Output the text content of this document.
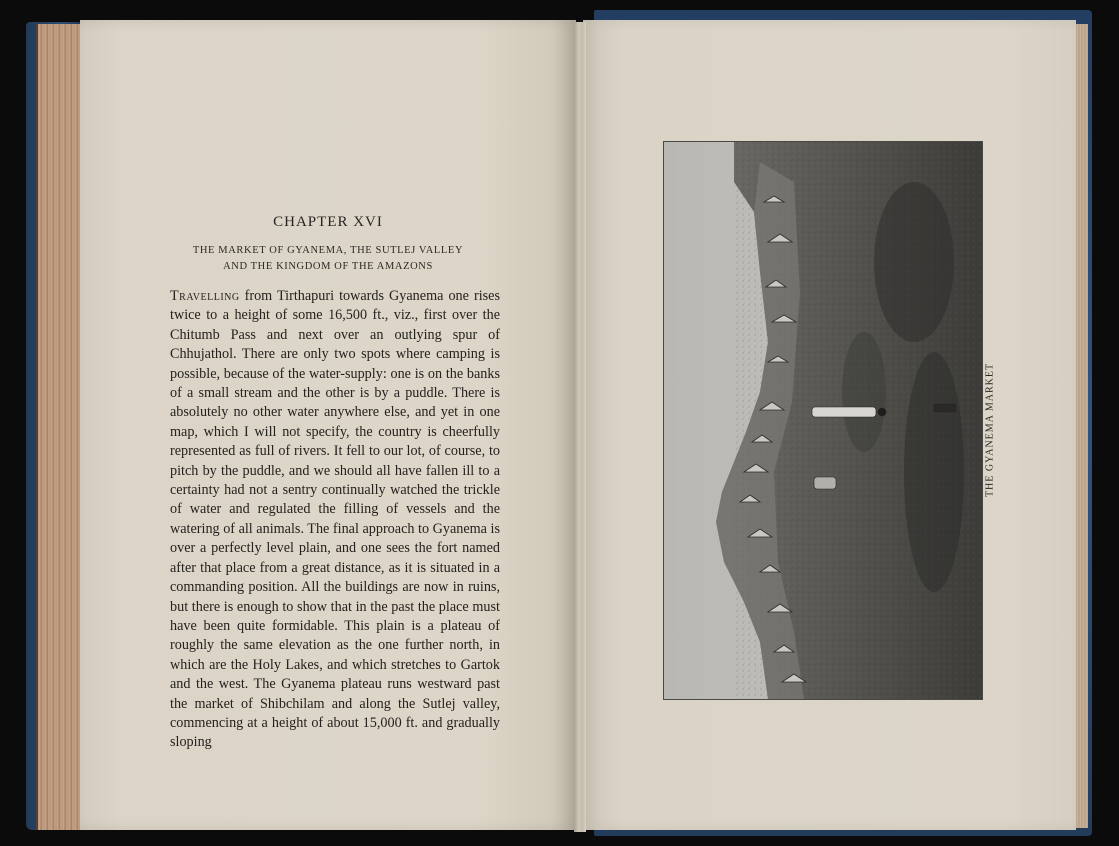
CHAPTER XVI
THE MARKET OF GYANEMA, THE SUTLEJ VALLEY
AND THE KINGDOM OF THE AMAZONS
Travelling from Tirthapuri towards Gyanema one rises twice to a height of some 16,500 ft., viz., first over the Chitumb Pass and next over an outlying spur of Chhujathol. There are only two spots where camping is possible, because of the water-supply: one is on the banks of a small stream and the other is by a puddle. There is absolutely no other water anywhere else, and yet in one map, which I will not specify, the country is cheerfully represented as full of rivers. It fell to our lot, of course, to pitch by the puddle, and we should all have fallen ill to a certainty had not a sentry continually watched the trickle of water and regulated the filling of vessels and the watering of all animals. The final approach to Gyanema is over a perfectly level plain, and one sees the fort named after that place from a great distance, as it is situated in a commanding position. All the buildings are now in ruins, but there is enough to show that in the past the place must have been quite formidable. This plain is a plateau of roughly the same elevation as the one further north, in which are the Holy Lakes, and which stretches to Gartok and the west. The Gyanema plateau runs westward past the market of Shibchilam and along the Sutlej valley, commencing at a height of about 15,000 ft. and gradually sloping
THE GYANEMA MARKET
